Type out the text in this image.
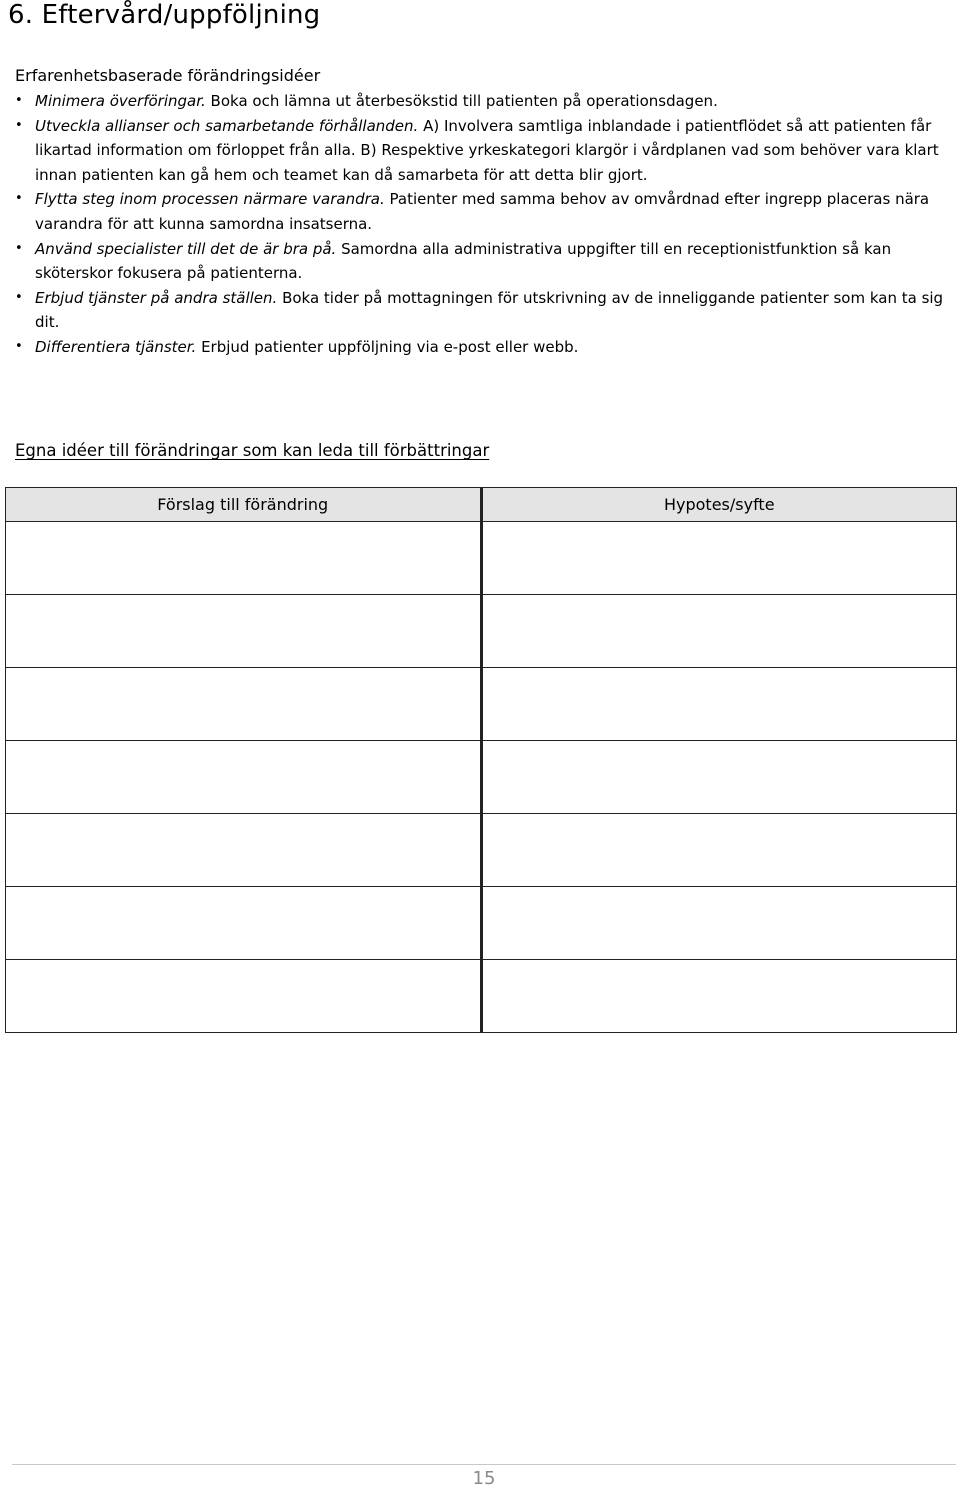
6. Eftervård/uppföljning
Erfarenhetsbaserade förändringsidéer
• Minimera överföringar. Boka och lämna ut återbesökstid till patienten på operationsdagen.
• Utveckla allianser och samarbetande förhållanden. A) Involvera samtliga inblandade i patientflödet så att patienten får likartad information om förloppet från alla. B) Respektive yrkeskategori klargör i vårdplanen vad som behöver vara klart innan patienten kan gå hem och teamet kan då samarbeta för att detta blir gjort.
• Flytta steg inom processen närmare varandra. Patienter med samma behov av omvårdnad efter ingrepp placeras nära varandra för att kunna samordna insatserna.
• Använd specialister till det de är bra på. Samordna alla administrativa uppgifter till en receptionistfunktion så kan sköterskor fokusera på patienterna.
• Erbjud tjänster på andra ställen. Boka tider på mottagningen för utskrivning av de inneliggande patienter som kan ta sig dit.
• Differentiera tjänster. Erbjud patienter uppföljning via e-post eller webb.
Egna idéer till förändringar som kan leda till förbättringar
Förslag till förändring	Hypotes/syfte

15
